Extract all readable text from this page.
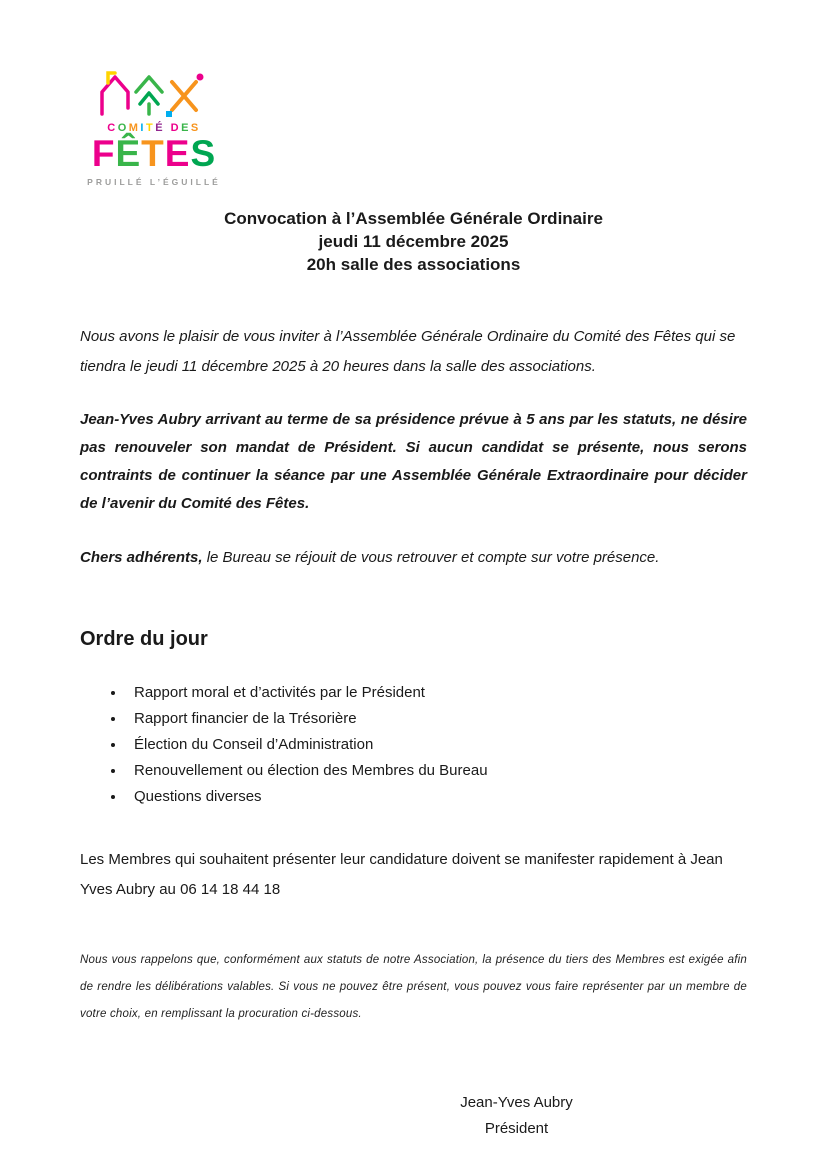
COMITÉ DES
FÊTES
PRUILLÉ L’ÉGUILLÉ
Convocation à l’Assemblée Générale Ordinaire
jeudi 11 décembre 2025
20h salle des associations

Nous avons le plaisir de vous inviter à l’Assemblée Générale Ordinaire du Comité des Fêtes qui se tiendra le jeudi 11 décembre 2025 à 20 heures dans la salle des associations.

Jean-Yves Aubry arrivant au terme de sa présidence prévue à 5 ans par les statuts, ne désire pas renouveler son mandat de Président. Si aucun candidat se présente, nous serons contraints de continuer la séance par une Assemblée Générale Extraordinaire pour décider de l’avenir du Comité des Fêtes.

Chers adhérents, le Bureau se réjouit de vous retrouver et compte sur votre présence.

Ordre du jour
• Rapport moral et d’activités par le Président
• Rapport financier de la Trésorière
• Élection du Conseil d’Administration
• Renouvellement ou élection des Membres du Bureau
• Questions diverses

Les Membres qui souhaitent présenter leur candidature doivent se manifester rapidement à Jean Yves Aubry au 06 14 18 44 18

Nous vous rappelons que, conformément aux statuts de notre Association, la présence du tiers des Membres est exigée afin de rendre les délibérations valables. Si vous ne pouvez être présent, vous pouvez vous faire représenter par un membre de votre choix, en remplissant la procuration ci-dessous.

Jean-Yves Aubry
Président
